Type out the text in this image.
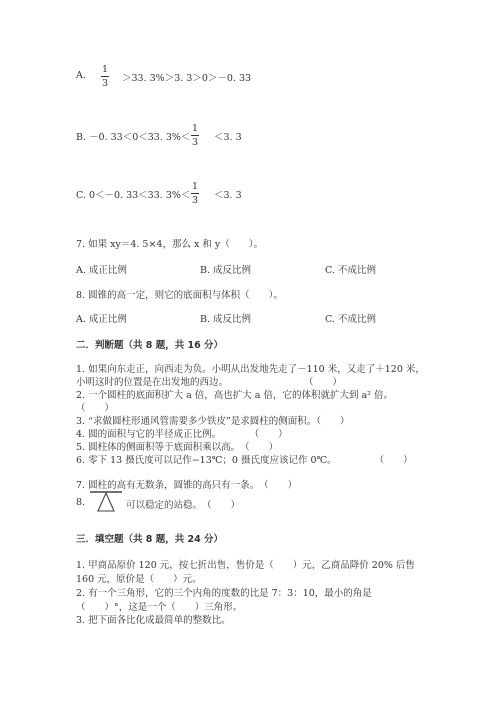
A.
1
3 ＞33. 3%＞3. 3＞0＞－0. 33
B. －0. 33＜0＜33. 3%＜
1
3 ＜3. 3
C. 0＜－0. 33＜33. 3%＜
1
3 ＜3. 3
7. 如果 xy＝4. 5×4，那么 x 和 y（　　）。
A. 成正比例	B. 成反比例	C. 不成比例
8. 圆锥的高一定，则它的底面积与体积（　　）。
A. 成正比例	B. 成反比例	C. 不成比例
二．判断题（共 8 题，共 16 分）
1. 如果向东走正，向西走为负。小明从出发地先走了－110 米，又走了＋120 米，
小明这时的位置是在出发地的西边。　　　　　　　　　（　　）
2. 一个圆柱的底面积扩大 a 倍，高也扩大 a 倍，它的体积就扩大到 a² 倍。
（　　）
3. “求做圆柱形通风管需要多少铁皮”是求圆柱的侧面积。（　　）
4. 圆的面积与它的半径成正比例。　　　　（　　）
5. 圆柱体的侧面积等于底面积乘以高。　（　　）
6. 零下 13 摄氏度可以记作−13℃；0 摄氏度应该记作 0℃。　　　　　（　　）
7. 圆柱的高有无数条，圆锥的高只有一条。　（　　）
8.	可以稳定的站稳。　（　　）
三．填空题（共 8 题，共 24 分）
1. 甲商品原价 120 元，按七折出售，售价是（　　）元，乙商品降价 20% 后售
160 元，原价是（　　）元。
2. 有一个三角形，它的三个内角的度数的比是 7：3：10，最小的角是
（　　）°，这是一个（　　）三角形。
3. 把下面各比化成最简单的整数比。
